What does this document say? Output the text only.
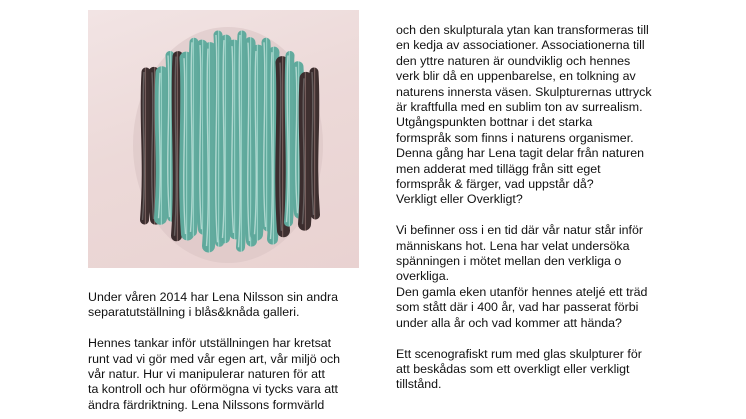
Under våren 2014 har Lena Nilsson sin andra
separatutställning i blås&knåda galleri.
Hennes tankar inför utställningen har kretsat
runt vad vi gör med vår egen art, vår miljö och
vår natur. Hur vi manipulerar naturen för att
ta kontroll och hur oförmögna vi tycks vara att
ändra färdriktning. Lena Nilssons formvärld
och den skulpturala ytan kan transformeras till
en kedja av associationer. Associationerna till
den yttre naturen är oundviklig och hennes
verk blir då en uppenbarelse, en tolkning av
naturens innersta väsen. Skulpturernas uttryck
är kraftfulla med en sublim ton av surrealism.
Utgångspunkten bottnar i det starka
formspråk som finns i naturens organismer.
Denna gång har Lena tagit delar från naturen
men adderat med tillägg från sitt eget
formspråk & färger, vad uppstår då?
Verkligt eller Overkligt?
Vi befinner oss i en tid där vår natur står inför
människans hot. Lena har velat undersöka
spänningen i mötet mellan den verkliga o
overkliga.
Den gamla eken utanför hennes ateljé ett träd
som stått där i 400 år, vad har passerat förbi
under alla år och vad kommer att hända?
Ett scenografiskt rum med glas skulpturer för
att beskådas som ett overkligt eller verkligt
tillstånd.
